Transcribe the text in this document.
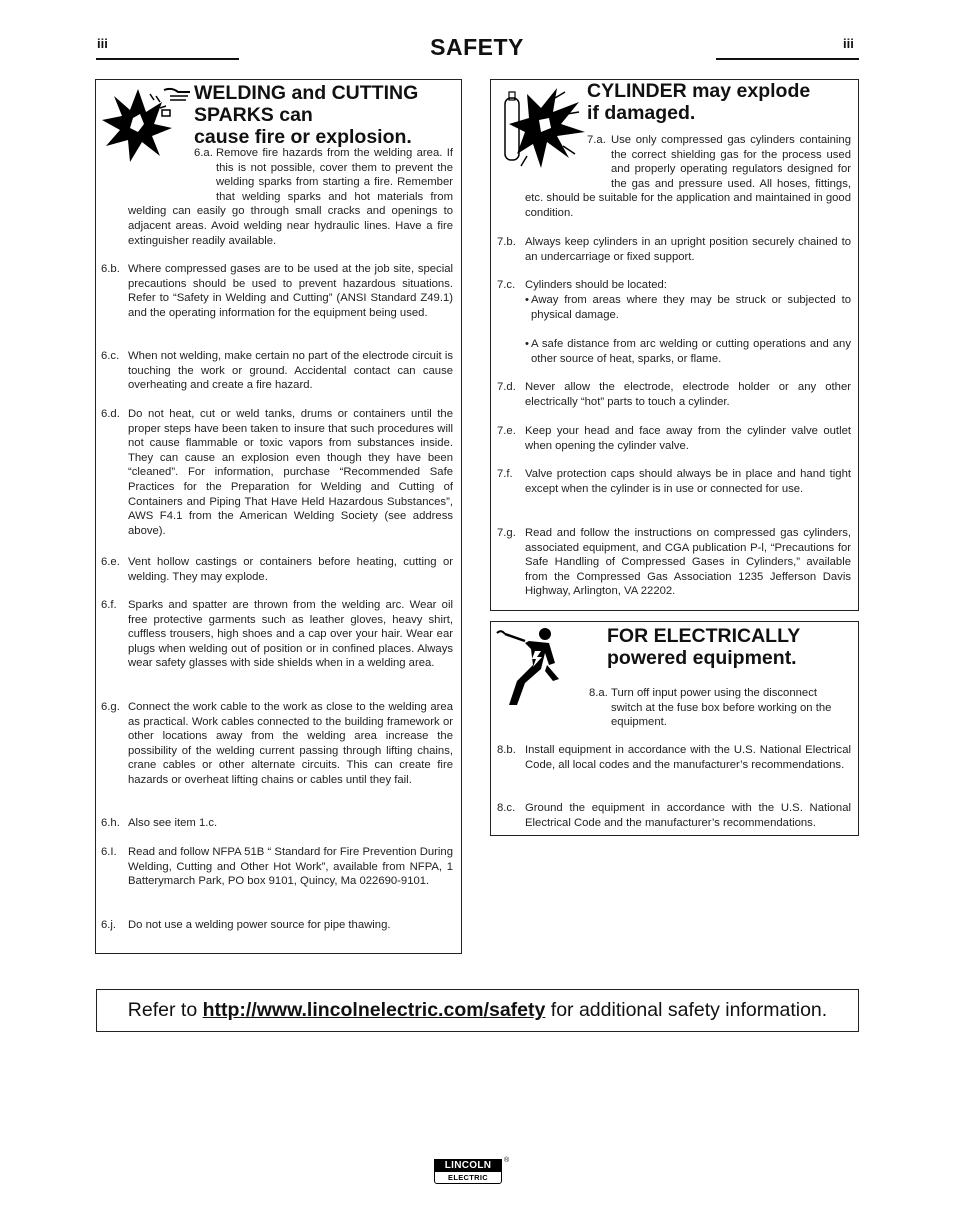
iii	iii
SAFETY
WELDING and CUTTING
SPARKS can
cause fire or explosion.
6.a. Remove fire hazards from the welding area. If this is not possible, cover them to prevent the welding sparks from starting a fire. Remember that welding sparks and hot materials from welding can easily go through small cracks and openings to adjacent areas. Avoid welding near hydraulic lines. Have a fire extinguisher readily available.
6.b. Where compressed gases are to be used at the job site, special precautions should be used to prevent hazardous situations. Refer to “Safety in Welding and Cutting” (ANSI Standard Z49.1) and the operating information for the equipment being used.
6.c. When not welding, make certain no part of the electrode circuit is touching the work or ground. Accidental contact can cause overheating and create a fire hazard.
6.d. Do not heat, cut or weld tanks, drums or containers until the proper steps have been taken to insure that such procedures will not cause flammable or toxic vapors from substances inside. They can cause an explosion even though they have been “cleaned”. For information, purchase “Recommended Safe Practices for the Preparation for Welding and Cutting of Containers and Piping That Have Held Hazardous Substances”, AWS F4.1 from the American Welding Society (see address above).
6.e. Vent hollow castings or containers before heating, cutting or welding. They may explode.
6.f. Sparks and spatter are thrown from the welding arc. Wear oil free protective garments such as leather gloves, heavy shirt, cuffless trousers, high shoes and a cap over your hair. Wear ear plugs when welding out of position or in confined places. Always wear safety glasses with side shields when in a welding area.
6.g. Connect the work cable to the work as close to the welding area as practical. Work cables connected to the building framework or other locations away from the welding area increase the possibility of the welding current passing through lifting chains, crane cables or other alternate circuits. This can create fire hazards or overheat lifting chains or cables until they fail.
6.h. Also see item 1.c.
6.I. Read and follow NFPA 51B “ Standard for Fire Prevention During Welding, Cutting and Other Hot Work”, available from NFPA, 1 Batterymarch Park, PO box 9101, Quincy, Ma 022690-9101.
6.j. Do not use a welding power source for pipe thawing.
CYLINDER may explode
if damaged.
7.a. Use only compressed gas cylinders containing the correct shielding gas for the process used and properly operating regulators designed for the gas and pressure used. All hoses, fittings, etc. should be suitable for the application and maintained in good condition.
7.b. Always keep cylinders in an upright position securely chained to an undercarriage or fixed support.
7.c. Cylinders should be located:
• Away from areas where they may be struck or subjected to physical damage.
• A safe distance from arc welding or cutting operations and any other source of heat, sparks, or flame.
7.d. Never allow the electrode, electrode holder or any other electrically “hot” parts to touch a cylinder.
7.e. Keep your head and face away from the cylinder valve outlet when opening the cylinder valve.
7.f. Valve protection caps should always be in place and hand tight except when the cylinder is in use or connected for use.
7.g. Read and follow the instructions on compressed gas cylinders, associated equipment, and CGA publication P-l, “Precautions for Safe Handling of Compressed Gases in Cylinders,” available from the Compressed Gas Association 1235 Jefferson Davis Highway, Arlington, VA 22202.
FOR ELECTRICALLY
powered equipment.
8.a. Turn off input power using the disconnect switch at the fuse box before working on the equipment.
8.b. Install equipment in accordance with the U.S. National Electrical Code, all local codes and the manufacturer’s recommendations.
8.c. Ground the equipment in accordance with the U.S. National Electrical Code and the manufacturer’s recommendations.
Refer to http://www.lincolnelectric.com/safety for additional safety information.
LINCOLN	®
ELECTRIC
